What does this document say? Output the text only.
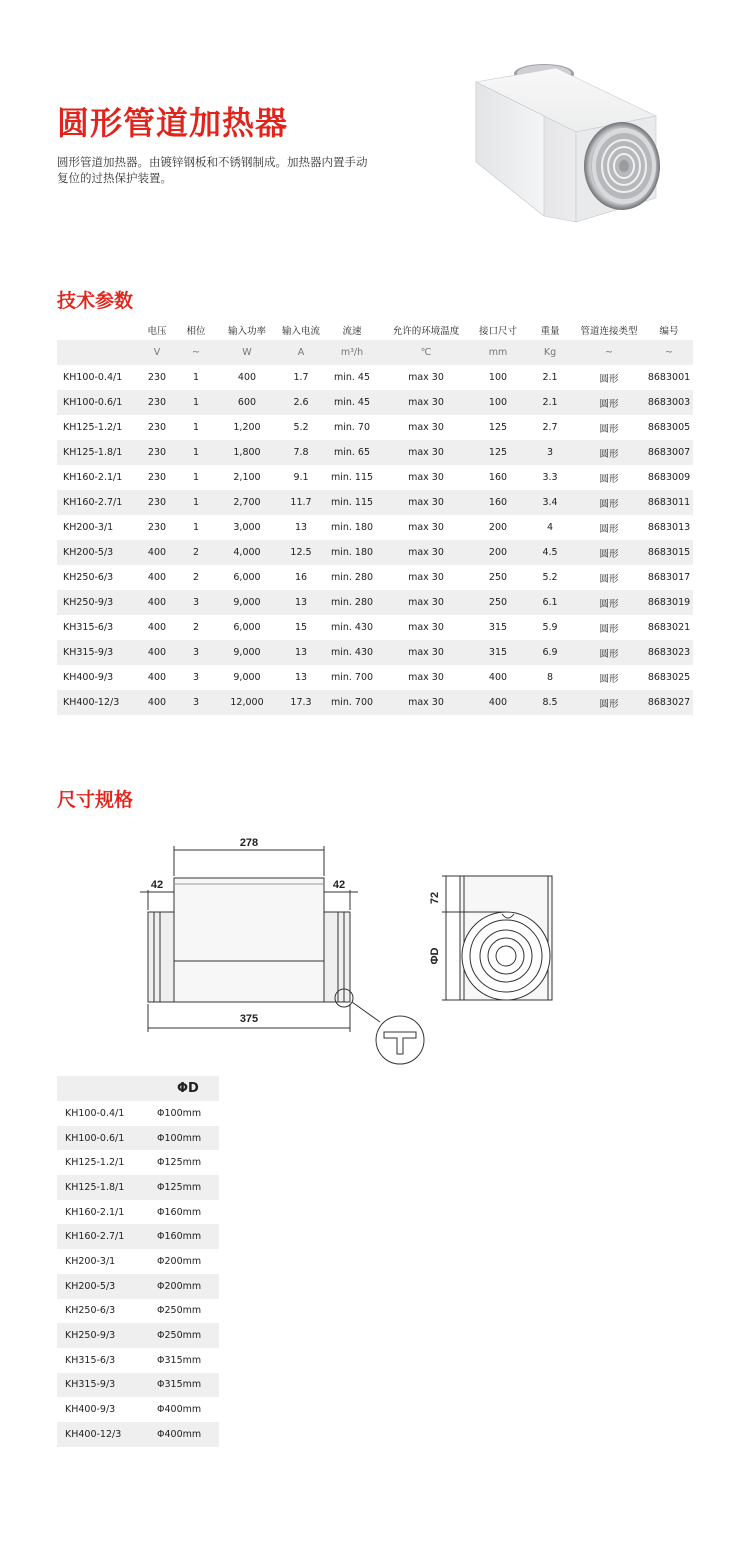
圆形管道加热器

圆形管道加热器。由镀锌钢板和不锈钢制成。加热器内置手动复位的过热保护装置。

技术参数
	电压	相位	输入功率	输入电流	流速	允许的环境温度	接口尺寸	重量	管道连接类型	编号
	V	~	W	A	m³/h	℃	mm	Kg	~	~
KH100-0.4/1	230	1	400	1.7	min. 45	max 30	100	2.1	圆形	8683001
KH100-0.6/1	230	1	600	2.6	min. 45	max 30	100	2.1	圆形	8683003
KH125-1.2/1	230	1	1,200	5.2	min. 70	max 30	125	2.7	圆形	8683005
KH125-1.8/1	230	1	1,800	7.8	min. 65	max 30	125	3	圆形	8683007
KH160-2.1/1	230	1	2,100	9.1	min. 115	max 30	160	3.3	圆形	8683009
KH160-2.7/1	230	1	2,700	11.7	min. 115	max 30	160	3.4	圆形	8683011
KH200-3/1	230	1	3,000	13	min. 180	max 30	200	4	圆形	8683013
KH200-5/3	400	2	4,000	12.5	min. 180	max 30	200	4.5	圆形	8683015
KH250-6/3	400	2	6,000	16	min. 280	max 30	250	5.2	圆形	8683017
KH250-9/3	400	3	9,000	13	min. 280	max 30	250	6.1	圆形	8683019
KH315-6/3	400	2	6,000	15	min. 430	max 30	315	5.9	圆形	8683021
KH315-9/3	400	3	9,000	13	min. 430	max 30	315	6.9	圆形	8683023
KH400-9/3	400	3	9,000	13	min. 700	max 30	400	8	圆形	8683025
KH400-12/3	400	3	12,000	17.3	min. 700	max 30	400	8.5	圆形	8683027
尺寸规格
278
42	42
375
72
ΦD
ΦD	
KH100-0.4/1	Φ100mm
KH100-0.6/1	Φ100mm
KH125-1.2/1	Φ125mm
KH125-1.8/1	Φ125mm
KH160-2.1/1	Φ160mm
KH160-2.7/1	Φ160mm
KH200-3/1	Φ200mm
KH200-5/3	Φ200mm
KH250-6/3	Φ250mm
KH250-9/3	Φ250mm
KH315-6/3	Φ315mm
KH315-9/3	Φ315mm
KH400-9/3	Φ400mm
KH400-12/3	Φ400mm
